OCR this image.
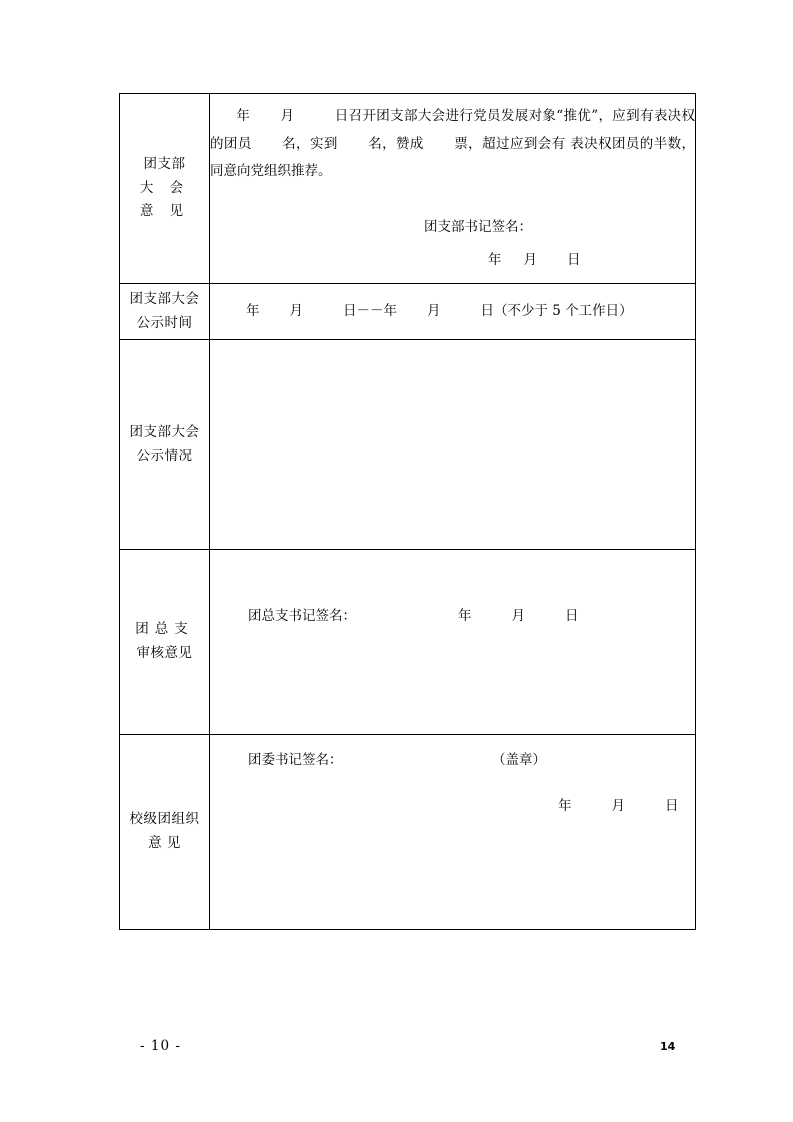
团支部
大 会
意 见

年 月	日召开团支部大会进行党员发展对象“推优”，应到有表决权的团员 名，实到 名，赞成 票，超过应到会有 表决权团员的半数，同意向党组织推荐。
团支部书记签名：
年 月 日

团支部大会
公示时间	年 月 日－－年 月 日（不少于 5 个工作日）

团支部大会
公示情况	

团总支
审核意见	团总支书记签名： 年 月 日

校级团组织
意 见

团委书记签名：	（盖章）
年	月	日
- 10 -	14
